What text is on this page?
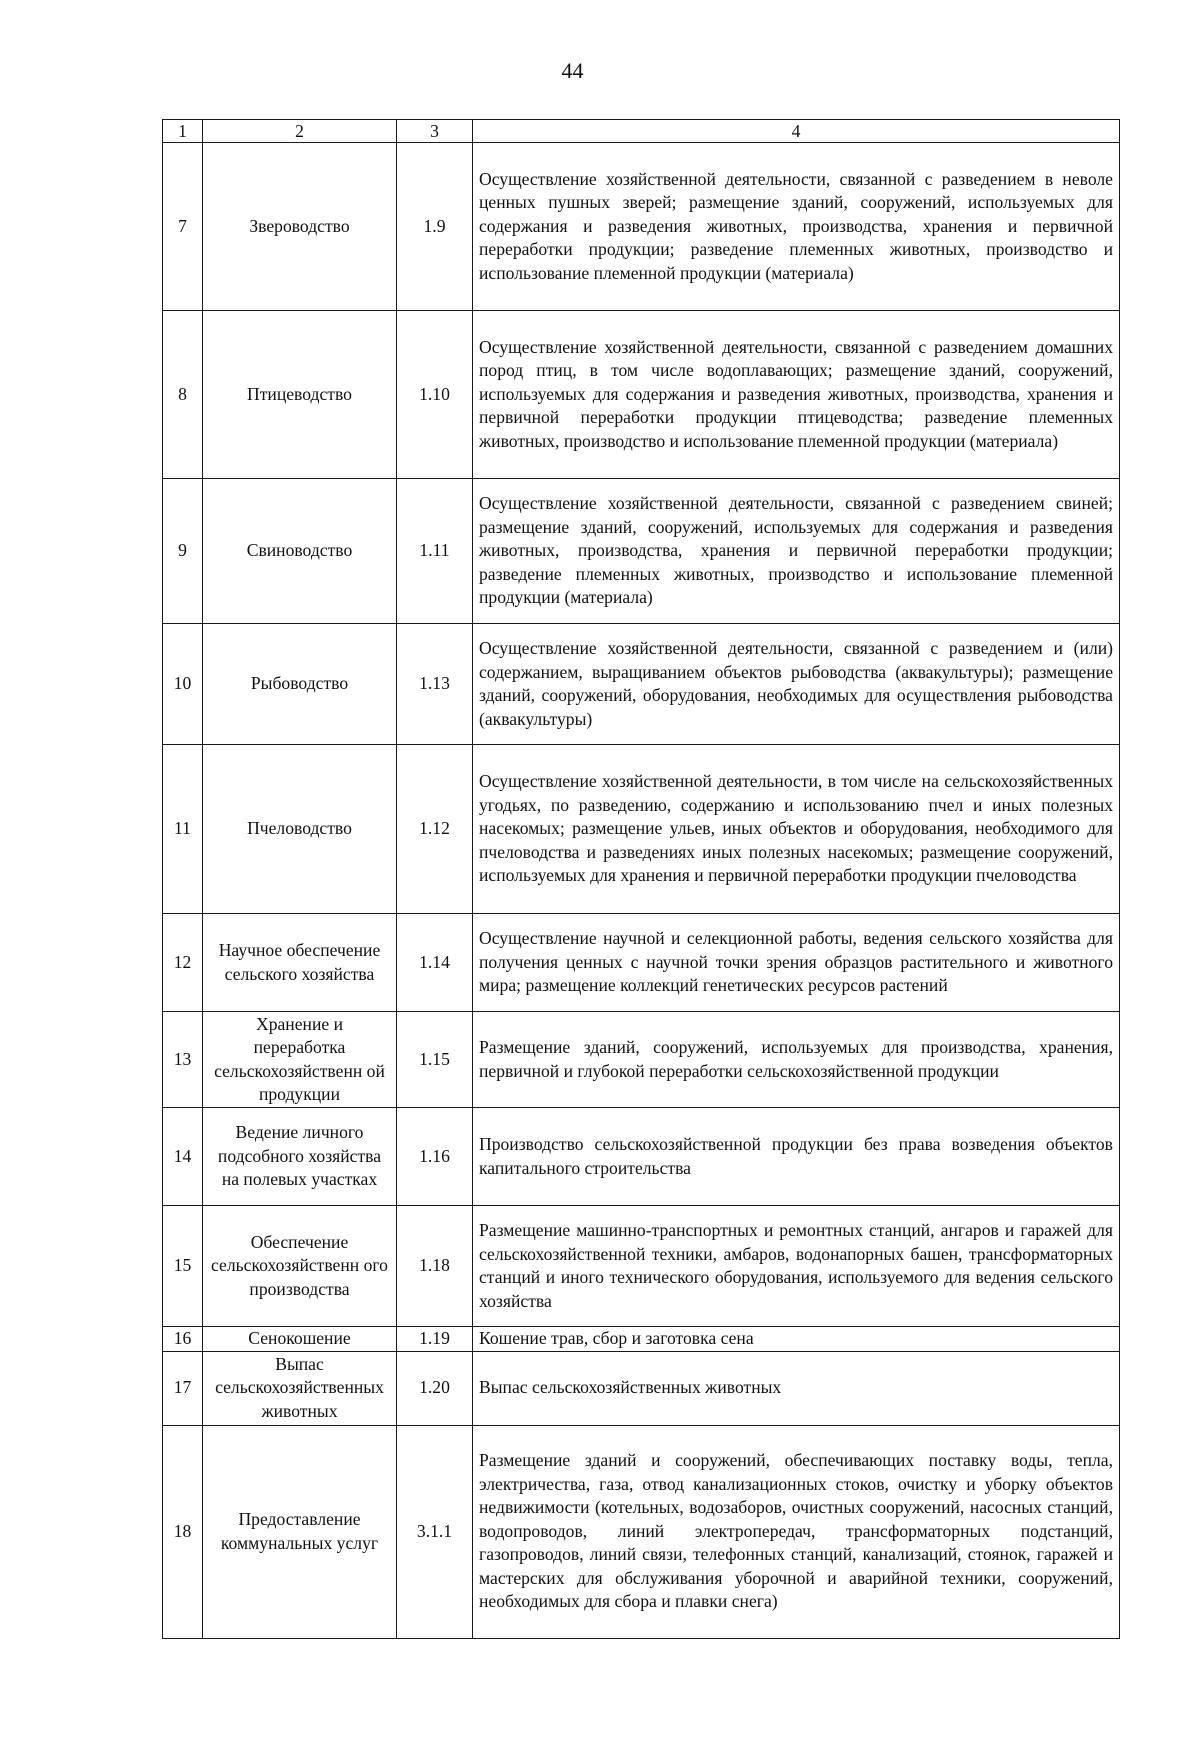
44
1	2	3	4
7	Звероводство	1.9	Осуществление хозяйственной деятельности, связанной с разведением в неволе ценных пушных зверей; размещение зданий, сооружений, используемых для содержания и разведения животных, производства, хранения и первичной переработки продукции; разведение племенных животных, производство и использование племенной продукции (материала)
8	Птицеводство	1.10	Осуществление хозяйственной деятельности, связанной с разведением домашних пород птиц, в том числе водоплавающих; размещение зданий, сооружений, используемых для содержания и разведения животных, производства, хранения и первичной переработки продукции птицеводства; разведение племенных животных, производство и использование племенной продукции (материала)
9	Свиноводство	1.11	Осуществление хозяйственной деятельности, связанной с разведением свиней; размещение зданий, сооружений, используемых для содержания и разведения животных, производства, хранения и первичной переработки продукции; разведение племенных животных, производство и использование племенной продукции (материала)
10	Рыбоводство	1.13	Осуществление хозяйственной деятельности, связанной с разведением и (или) содержанием, выращиванием объектов рыбоводства (аквакультуры); размещение зданий, сооружений, оборудования, необходимых для осуществления рыбоводства (аквакультуры)
11	Пчеловодство	1.12	Осуществление хозяйственной деятельности, в том числе на сельскохозяйственных угодьях, по разведению, содержанию и использованию пчел и иных полезных насекомых; размещение ульев, иных объектов и оборудования, необходимого для пчеловодства и разведениях иных полезных насекомых; размещение сооружений, используемых для хранения и первичной переработки продукции пчеловодства
12	Научное обеспечение сельского хозяйства	1.14	Осуществление научной и селекционной работы, ведения сельского хозяйства для получения ценных с научной точки зрения образцов растительного и животного мира; размещение коллекций генетических ресурсов растений
13	Хранение и переработка сельскохозяйственн ой продукции	1.15	Размещение зданий, сооружений, используемых для производства, хранения, первичной и глубокой переработки сельскохозяйственной продукции
14	Ведение личного подсобного хозяйства на полевых участках	1.16	Производство сельскохозяйственной продукции без права возведения объектов капитального строительства
15	Обеспечение сельскохозяйственн ого производства	1.18	Размещение машинно-транспортных и ремонтных станций, ангаров и гаражей для сельскохозяйственной техники, амбаров, водонапорных башен, трансформаторных станций и иного технического оборудования, используемого для ведения сельского хозяйства
16	Сенокошение	1.19	Кошение трав, сбор и заготовка сена
17	Выпас сельскохозяйственных животных	1.20	Выпас сельскохозяйственных животных
18	Предоставление коммунальных услуг	3.1.1	Размещение зданий и сооружений, обеспечивающих поставку воды, тепла, электричества, газа, отвод канализационных стоков, очистку и уборку объектов недвижимости (котельных, водозаборов, очистных сооружений, насосных станций, водопроводов, линий электропередач, трансформаторных подстанций, газопроводов, линий связи, телефонных станций, канализаций, стоянок, гаражей и мастерских для обслуживания уборочной и аварийной техники, сооружений, необходимых для сбора и плавки снега)
